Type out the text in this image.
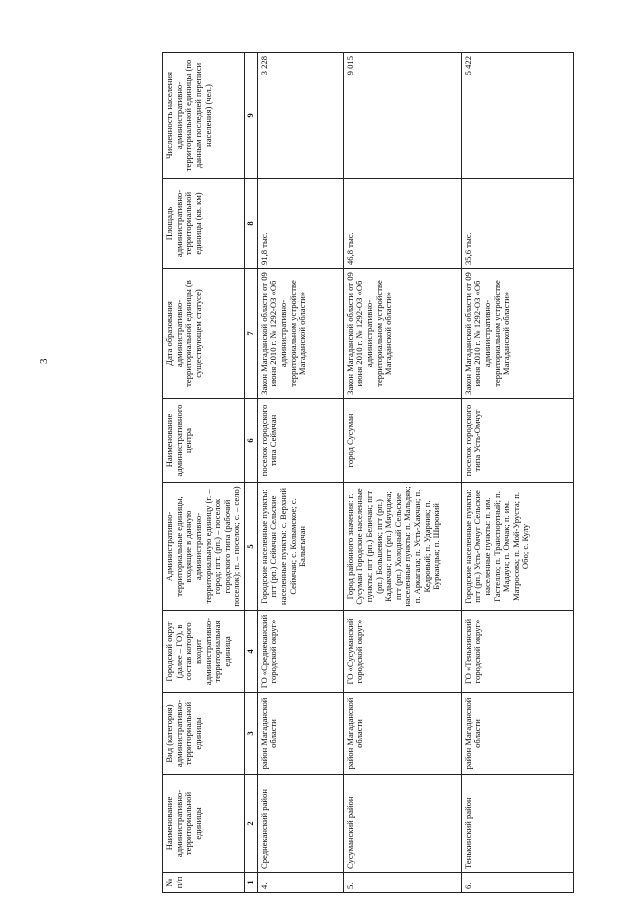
3
№ п/п	Наименование административно-территориальной единицы	Вид (категория) административно-территориальной единицы	Городской округ (далее – ГО), в состав которого входит административно-территориальная единица	Административно-территориальные единицы, входящие в данную административно-территориальную единицу (г. – город; пгт. (рп.) – поселок городского типа (рабочий поселок); п. – поселок; с. – село)	Наименование административного центра	Дата образования административно-территориальной единицы (в существующем статусе)	Площадь административно-территориальной единицы (кв. км)	Численность населения административно-территориальной единицы (по данным последней переписи населения) (чел.)
1	2	3	4	5	6	7	8	9
4.	Среднеканский район	район Магаданской области	ГО «Среднеканский городской округ»	Городские населенные пункты: пгт (рп.) Сеймчан Сельские населенные пункты: с. Верхний Сеймчан; с. Колымское; с. Балыгычан	поселок городского типа Сеймчан	Закон Магаданской области от 09 июня 2010 г. № 1292-ОЗ «Об административно-территориальном устройстве Магаданской области»	91,8 тыс.	3 228
5.	Сусуманский район	район Магаданской области	ГО «Сусуманский городской округ»	Город районного значения: г. Сусуман Городские населенные пункты: пгт (рп.) Беличан; пгт (рп.) Большевик; пгт (рп.) Кадыкчан; пгт (рп.) Мяунджа; пгт (рп.) Холодный Сельские населенные пункты: п. Мальдяк; п. Аркагала; п. Усть-Хакчан; п. Кедровый; п. Ударник; п. Буркандья; п. Широкий	город Сусуман	Закон Магаданской области от 09 июня 2010 г. № 1292-ОЗ «Об административно-территориальном устройстве Магаданской области»	46,8 тыс.	9 015
6.	Тенькинский район	район Магаданской области	ГО «Тенькинский городской округ»	Городские населенные пункты: пгт (рп.) Усть-Омчуг Сельские населенные пункты: п. им. Гастелло; п. Транспортный; п. Мадаун; п. Омчак; п. им. Матросова; п. Мой-Уруста; п. Обо; с. Кулу	поселок городского типа Усть-Омчуг	Закон Магаданской области от 09 июня 2010 г. № 1292-ОЗ «Об административно-территориальном устройстве Магаданской области»	35,6 тыс.	5 422
